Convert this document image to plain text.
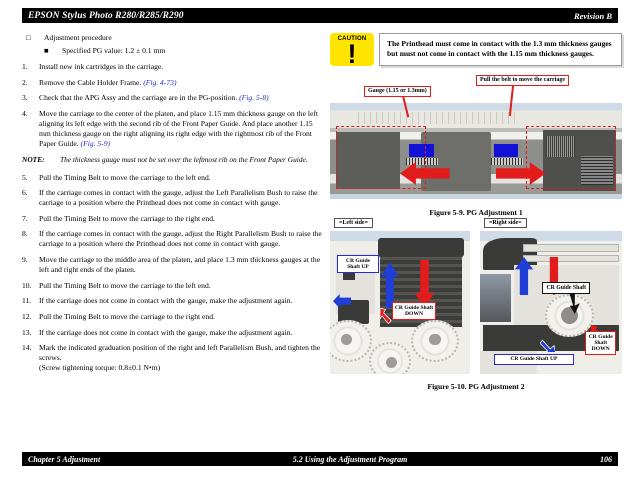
EPSON Stylus Photo R280/R285/R290	Revision B
□	Adjustment procedure
■	Specified PG value: 1.2 ± 0.1 mm
1.	Install new ink cartridges in the carriage.
2.	Remove the Cable Holder Frame. (Fig. 4-73)
3.	Check that the APG Assy and the carriage are in the PG-position. (Fig. 5-8)
4.	Move the carriage to the center of the platen, and place 1.15 mm thickness gauge on the left aligning its left edge with the second rib of the Front Paper Guide. And place another 1.15 mm thickness gauge on the right aligning its right edge with the rightmost rib of the Front Paper Guide. (Fig. 5-9)
NOTE:	The thickness gauge must not be set over the leftmost rib on the Front Paper Guide.
5.	Pull the Timing Belt to move the carriage to the left end.
6.	If the carriage comes in contact with the gauge, adjust the Left Parallelism Bush to raise the carriage to a position where the Printhead does not come in contact with gauge.
7.	Pull the Timing Belt to move the carriage to the right end.
8.	If the carriage comes in contact with the gauge, adjust the Right Parallelism Bush to raise the carriage to a position where the Printhead does not come in contact with gauge.
9.	Move the carriage to the middle area of the platen, and place 1.3 mm thickness gauges at the left and right ends of the platen.
10. Pull the Timing Belt to move the carriage to the left end.
11.	If the carriage does not come in contact with the gauge, make the adjustment again.
12. Pull the Timing Belt to move the carriage to the right end.
13. If the carriage does not come in contact with the gauge, make the adjustment again.
14. Mark the indicated graduation position of the right and left Parallelism Bush, and tighten the screws.
(Screw tightening torque: 0.8±0.1 N•m)
CAUTION
!	The Printhead must come in contact with the 1.3 mm thickness gauges but must not come in contact with the 1.15 mm thickness gauges.
Gauge (1.15 or 1.3mm)
Pull the belt to move the carriage
Figure 5-9. PG Adjustment 1
=Left side=	=Right side=
CR Guide Shaft UP
CR Guide Shaft DOWN
CR Guide Shaft
CR Guide Shaft UP
CR Guide Shaft DOWN
Figure 5-10. PG Adjustment 2
Chapter 5 Adjustment	5.2 Using the Adjustment Program	106
